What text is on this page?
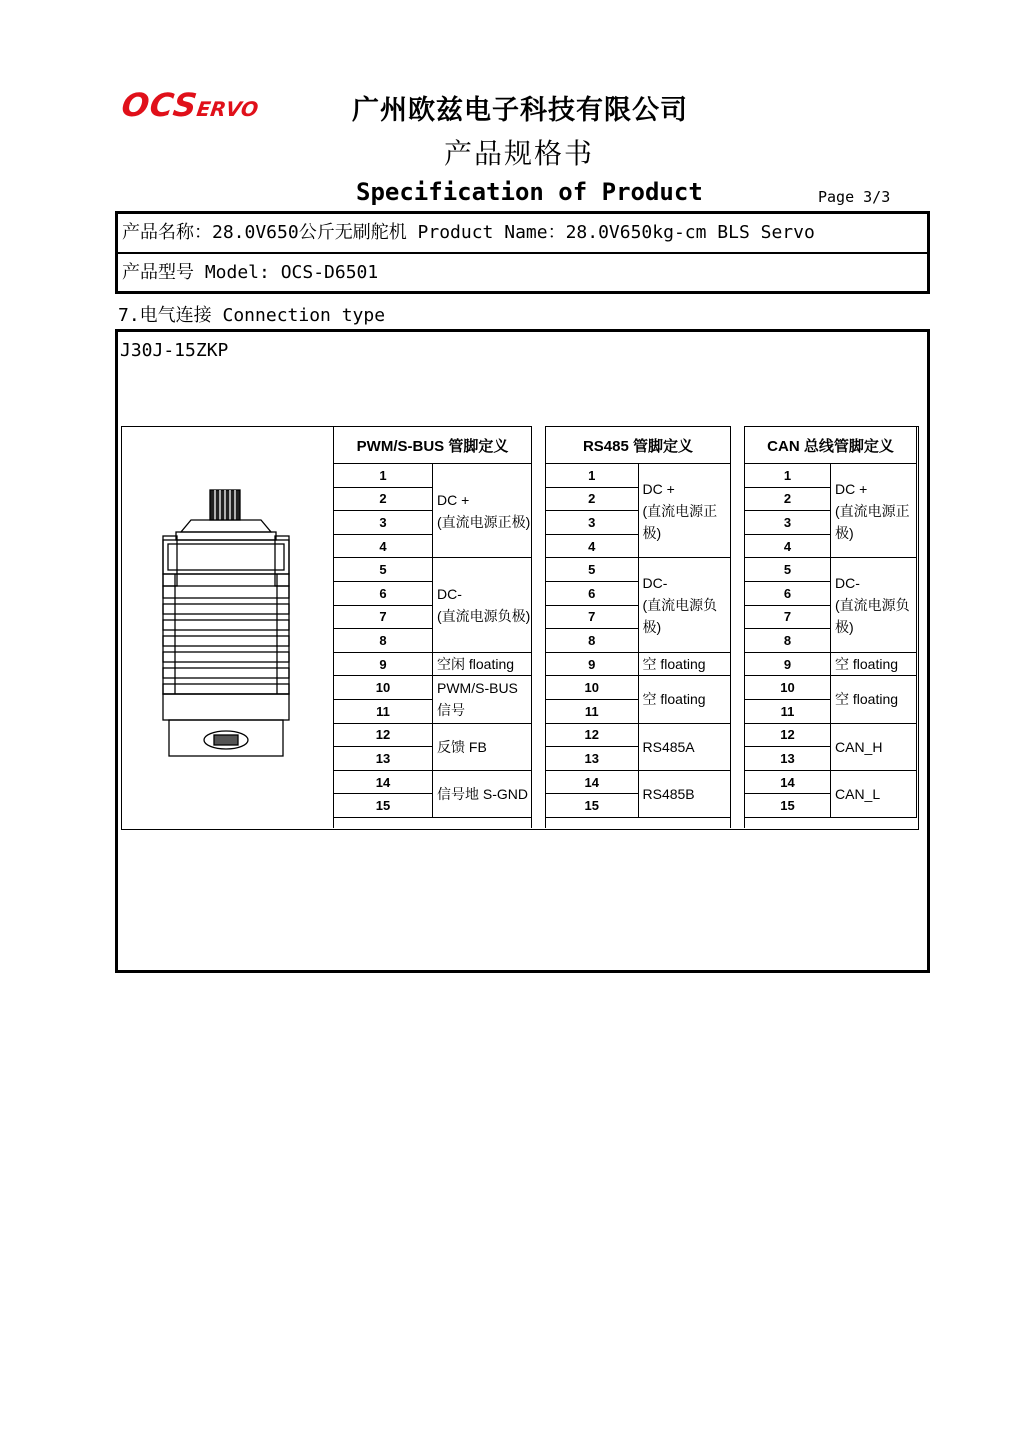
OCSERVO	广州欧兹电子科技有限公司
产品规格书
Specification of Product	Page 3/3
产品名称：28.0V650公斤无刷舵机 Product Name：28.0V650kg-cm BLS Servo
产品型号 Model: OCS-D6501
7.电气连接 Connection type
J30J-15ZKP
PWM/S-BUS 管脚定义	
1	DC +
(直流电源正极)

2	
3	
4	
5	DC-
(直流电源负极)

6	
7	
8	
9	空闲 floating

10	PWM/S-BUS 信号

11	
12	反馈 FB

13	
14	信号地 S-GND

15	
RS485 管脚定义	
1	DC +
(直流电源正极)

2	
3	
4	
5	DC-
(直流电源负极)

6	
7	
8	
9	空 floating

10	空 floating

11	
12	RS485A

13	
14	RS485B

15	
CAN 总线管脚定义	
1	DC +
(直流电源正极)

2	
3	
4	
5	DC-
(直流电源负极)

6	
7	
8	
9	空 floating

10	空 floating

11	
12	CAN_H

13	
14	CAN_L

15	
